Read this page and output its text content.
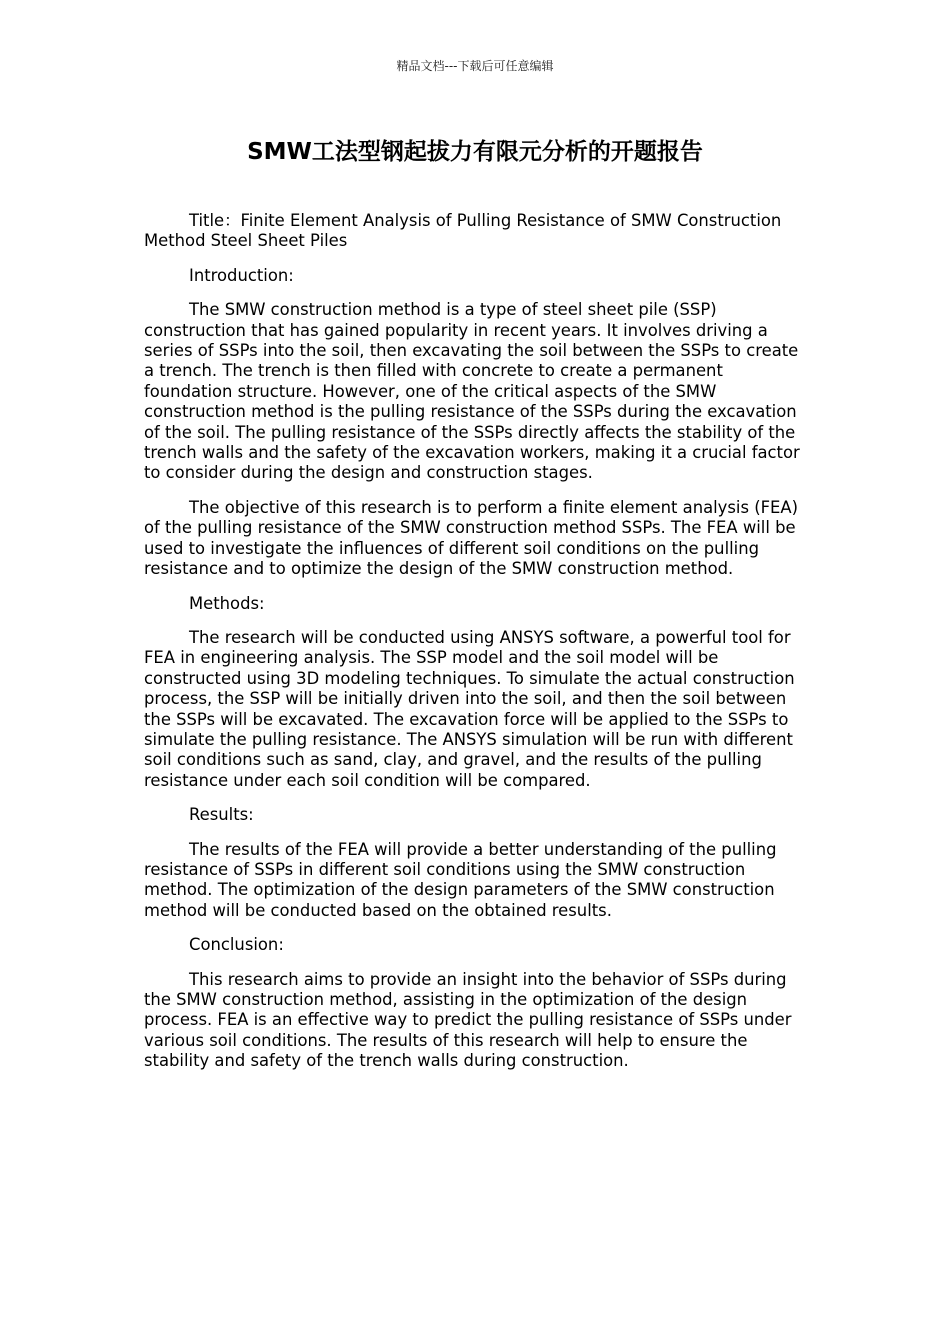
精品文档---下载后可任意编辑
SMW工法型钢起拔力有限元分析的开题报告

Title：Finite Element Analysis of Pulling Resistance of SMW Construction Method Steel Sheet Piles

Introduction:

The SMW construction method is a type of steel sheet pile (SSP) construction that has gained popularity in recent years. It involves driving a series of SSPs into the soil, then excavating the soil between the SSPs to create a trench. The trench is then filled with concrete to create a permanent foundation structure. However, one of the critical aspects of the SMW construction method is the pulling resistance of the SSPs during the excavation of the soil. The pulling resistance of the SSPs directly affects the stability of the trench walls and the safety of the excavation workers, making it a crucial factor to consider during the design and construction stages.

The objective of this research is to perform a finite element analysis (FEA) of the pulling resistance of the SMW construction method SSPs. The FEA will be used to investigate the influences of different soil conditions on the pulling resistance and to optimize the design of the SMW construction method.

Methods:

The research will be conducted using ANSYS software, a powerful tool for FEA in engineering analysis. The SSP model and the soil model will be constructed using 3D modeling techniques. To simulate the actual construction process, the SSP will be initially driven into the soil, and then the soil between the SSPs will be excavated. The excavation force will be applied to the SSPs to simulate the pulling resistance. The ANSYS simulation will be run with different soil conditions such as sand, clay, and gravel, and the results of the pulling resistance under each soil condition will be compared.

Results:

The results of the FEA will provide a better understanding of the pulling resistance of SSPs in different soil conditions using the SMW construction method. The optimization of the design parameters of the SMW construction method will be conducted based on the obtained results.

Conclusion:

This research aims to provide an insight into the behavior of SSPs during the SMW construction method, assisting in the optimization of the design process. FEA is an effective way to predict the pulling resistance of SSPs under various soil conditions. The results of this research will help to ensure the stability and safety of the trench walls during construction.
